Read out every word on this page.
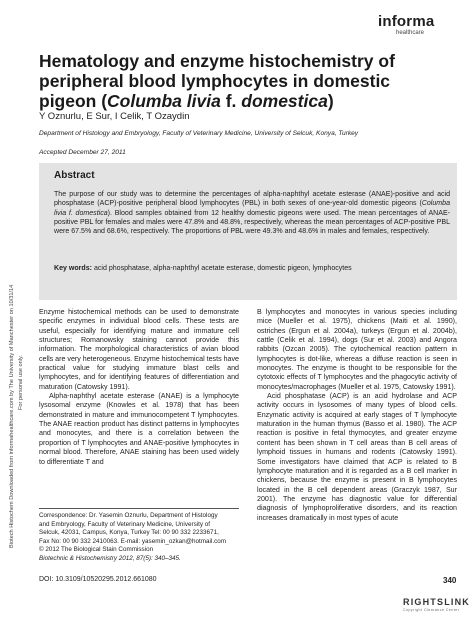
informa
healthcare
Biotech Histochem Downloaded from informahealthcare.com by The University of Manchester on 10/31/14 For personal use only.
Hematology and enzyme histochemistry of
peripheral blood lymphocytes in domestic
pigeon (Columba livia f. domestica)
Y Oznurlu, E Sur, I Celik, T Ozaydin
Department of Histology and Embryology, Faculty of Veterinary Medicine, University of Selcuk, Konya, Turkey
Accepted December 27, 2011
Abstract
The purpose of our study was to determine the percentages of alpha-naphthyl acetate esterase (ANAE)-positive and acid phosphatase (ACP)-positive peripheral blood lymphocytes (PBL) in both sexes of one-year-old domestic pigeons (Columba livia f. domestica). Blood samples obtained from 12 healthy domestic pigeons were used. The mean percentages of ANAE-positive PBL for females and males were 47.8% and 48.8%, respectively, whereas the mean percentages of ACP-positive PBL were 67.5% and 68.6%, respectively. The proportions of PBL were 49.3% and 48.6% in males and females, respectively.
Key words: acid phosphatase, alpha-naphthyl acetate esterase, domestic pigeon, lymphocytes

Enzyme histochemical methods can be used to demonstrate specific enzymes in individual blood cells. These tests are useful, especially for identifying mature and immature cell structures; Romanowsky staining cannot provide this information. The morphological characteristics of avian blood cells are very heterogeneous. Enzyme histochemical tests have practical value for studying immature blast cells and lymphocytes, and for identifying features of differentiation and maturation (Catowsky 1991).

Alpha-naphthyl acetate esterase (ANAE) is a lymphocyte lysosomal enzyme (Knowles et al. 1978) that has been demonstrated in mature and immunocompetent T lymphocytes. The ANAE reaction product has distinct patterns in lymphocytes and monocytes, and there is a correlation between the proportion of T lymphocytes and ANAE-positive lymphocytes in normal blood. Therefore, ANAE staining has been used widely to differentiate T and

B lymphocytes and monocytes in various species including mice (Mueller et al. 1975), chickens (Maiti et al. 1990), ostriches (Ergun et al. 2004a), turkeys (Ergun et al. 2004b), cattle (Celik et al. 1994), dogs (Sur et al. 2003) and Angora rabbits (Ozcan 2005). The cytochemical reaction pattern in lymphocytes is dot-like, whereas a diffuse reaction is seen in monocytes. The enzyme is thought to be responsible for the cytotoxic effects of T lymphocytes and the phagocytic activity of monocytes/macrophages (Mueller et al. 1975, Catowsky 1991).

Acid phosphatase (ACP) is an acid hydrolase and ACP activity occurs in lysosomes of many types of blood cells. Enzymatic activity is acquired at early stages of T lymphocyte maturation in the human thymus (Basso et al. 1980). The ACP reaction is positive in fetal thymocytes, and greater enzyme content has been shown in T cell areas than B cell areas of lymphoid tissues in humans and rodents (Catowsky 1991). Some investigators have claimed that ACP is related to B lymphocyte maturation and it is regarded as a B cell marker in chickens, because the enzyme is present in B lymphocytes located in the B cell dependent areas (Graczyk 1987, Sur 2001). The enzyme has diagnostic value for differential diagnosis of lymphoproliferative disorders, and its reaction increases dramatically in most types of acute

Correspondence: Dr. Yasemin Oznurlu, Department of Histology
and Embryology, Faculty of Veterinary Medicine, University of
Selcuk, 42031, Campus, Konya, Turkey Tel: 00 90 332 2233671,
Fax No: 00 90 332 2410063. E-mail: yasemin_ozkan@hotmail.com
© 2012 The Biological Stain Commission
Biotechnic & Histochemistry 2012, 87(5): 340–345.
DOI: 10.3109/10520295.2012.661080	340
RIGHTSLINK
Copyright Clearance Center
